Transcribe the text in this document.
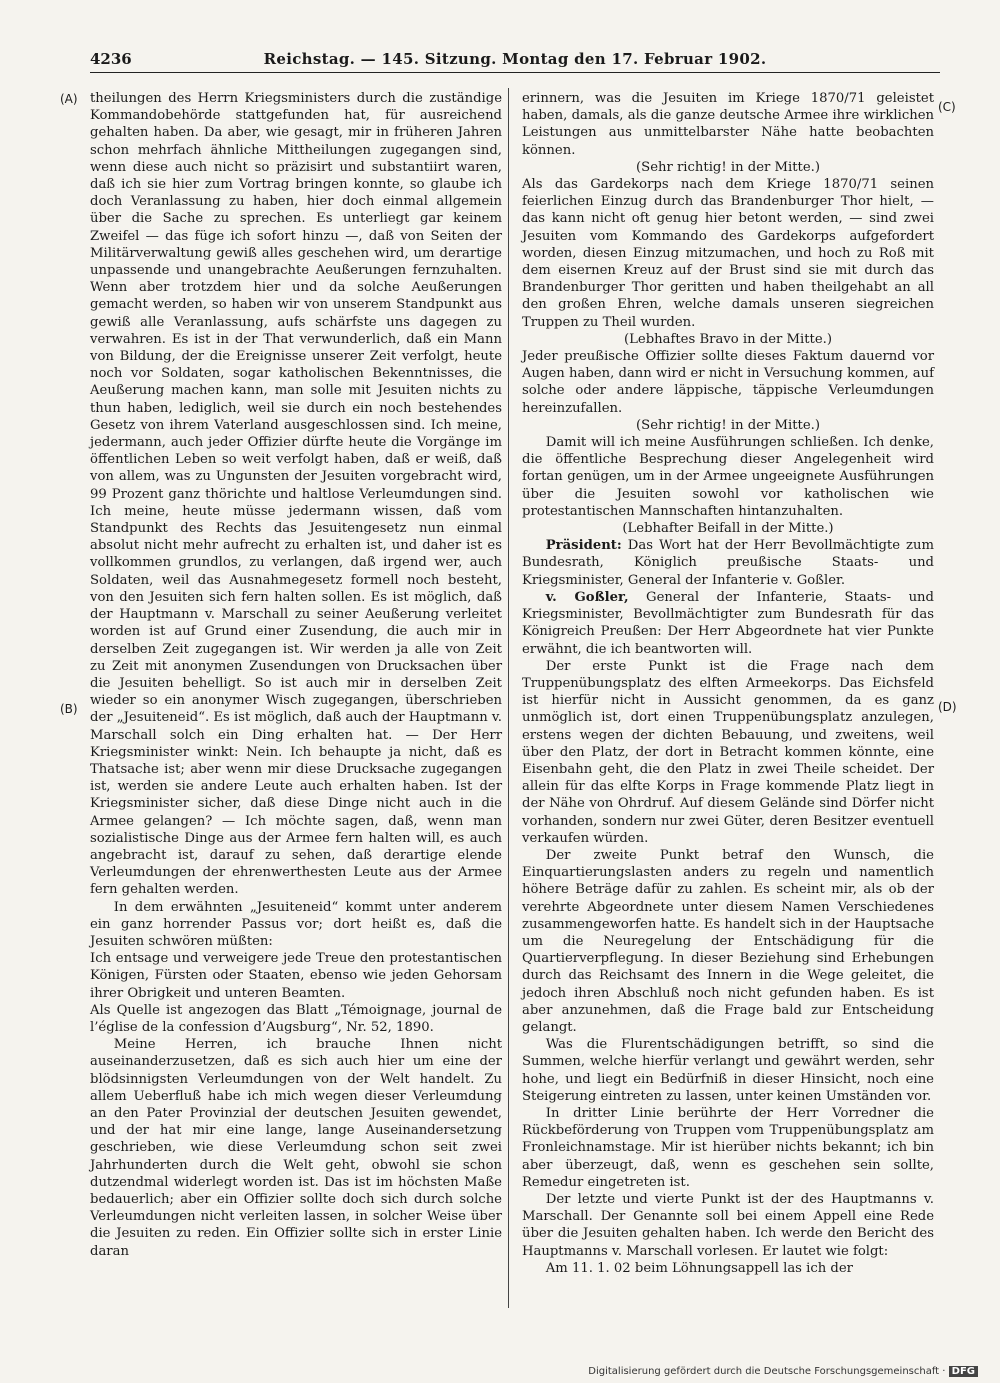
4236	Reichstag. — 145. Sitzung. Montag den 17. Februar 1902.
(A)
(B)
(C)
(D)

theilungen des Herrn Kriegsministers durch die zuständige Kommandobehörde stattgefunden hat, für ausreichend gehalten haben. Da aber, wie gesagt, mir in früheren Jahren schon mehrfach ähnliche Mittheilungen zugegangen sind, wenn diese auch nicht so präzisirt und substantiirt waren, daß ich sie hier zum Vortrag bringen konnte, so glaube ich doch Veranlassung zu haben, hier doch einmal allgemein über die Sache zu sprechen. Es unterliegt gar keinem Zweifel — das füge ich sofort hinzu —, daß von Seiten der Militärverwaltung gewiß alles geschehen wird, um derartige unpassende und unangebrachte Aeußerungen fernzuhalten. Wenn aber trotzdem hier und da solche Aeußerungen gemacht werden, so haben wir von unserem Standpunkt aus gewiß alle Veranlassung, aufs schärfste uns dagegen zu verwahren. Es ist in der That verwunderlich, daß ein Mann von Bildung, der die Ereignisse unserer Zeit verfolgt, heute noch vor Soldaten, sogar katholischen Bekenntnisses, die Aeußerung machen kann, man solle mit Jesuiten nichts zu thun haben, lediglich, weil sie durch ein noch bestehendes Gesetz von ihrem Vaterland ausgeschlossen sind. Ich meine, jedermann, auch jeder Offizier dürfte heute die Vorgänge im öffentlichen Leben so weit verfolgt haben, daß er weiß, daß von allem, was zu Ungunsten der Jesuiten vorgebracht wird, 99 Prozent ganz thörichte und haltlose Verleumdungen sind. Ich meine, heute müsse jedermann wissen, daß vom Standpunkt des Rechts das Jesuitengesetz nun einmal absolut nicht mehr aufrecht zu erhalten ist, und daher ist es vollkommen grundlos, zu verlangen, daß irgend wer, auch Soldaten, weil das Ausnahmegesetz formell noch besteht, von den Jesuiten sich fern halten sollen. Es ist möglich, daß der Hauptmann v. Marschall zu seiner Aeußerung verleitet worden ist auf Grund einer Zusendung, die auch mir in derselben Zeit zugegangen ist. Wir werden ja alle von Zeit zu Zeit mit anonymen Zusendungen von Drucksachen über die Jesuiten behelligt. So ist auch mir in derselben Zeit wieder so ein anonymer Wisch zugegangen, überschrieben der „Jesuiteneid“. Es ist möglich, daß auch der Hauptmann v. Marschall solch ein Ding erhalten hat. — Der Herr Kriegsminister winkt: Nein. Ich behaupte ja nicht, daß es Thatsache ist; aber wenn mir diese Drucksache zugegangen ist, werden sie andere Leute auch erhalten haben. Ist der Kriegsminister sicher, daß diese Dinge nicht auch in die Armee gelangen? — Ich möchte sagen, daß, wenn man sozialistische Dinge aus der Armee fern halten will, es auch angebracht ist, darauf zu sehen, daß derartige elende Verleumdungen der ehrenwerthesten Leute aus der Armee fern gehalten werden.

In dem erwähnten „Jesuiteneid“ kommt unter anderem ein ganz horrender Passus vor; dort heißt es, daß die Jesuiten schwören müßten:

Ich entsage und verweigere jede Treue den protestantischen Königen, Fürsten oder Staaten, ebenso wie jeden Gehorsam ihrer Obrigkeit und unteren Beamten.

Als Quelle ist angezogen das Blatt „Témoignage, journal de l’église de la confession d’Augsburg“, Nr. 52, 1890.

Meine Herren, ich brauche Ihnen nicht auseinanderzusetzen, daß es sich auch hier um eine der blödsinnigsten Verleumdungen von der Welt handelt. Zu allem Ueberfluß habe ich mich wegen dieser Verleumdung an den Pater Provinzial der deutschen Jesuiten gewendet, und der hat mir eine lange, lange Auseinandersetzung geschrieben, wie diese Verleumdung schon seit zwei Jahrhunderten durch die Welt geht, obwohl sie schon dutzendmal widerlegt worden ist. Das ist im höchsten Maße bedauerlich; aber ein Offizier sollte doch sich durch solche Verleumdungen nicht verleiten lassen, in solcher Weise über die Jesuiten zu reden. Ein Offizier sollte sich in erster Linie daran

erinnern, was die Jesuiten im Kriege 1870/71 geleistet haben, damals, als die ganze deutsche Armee ihre wirklichen Leistungen aus unmittelbarster Nähe hatte beobachten können.

(Sehr richtig! in der Mitte.)

Als das Gardekorps nach dem Kriege 1870/71 seinen feierlichen Einzug durch das Brandenburger Thor hielt, — das kann nicht oft genug hier betont werden, — sind zwei Jesuiten vom Kommando des Gardekorps aufgefordert worden, diesen Einzug mitzumachen, und hoch zu Roß mit dem eisernen Kreuz auf der Brust sind sie mit durch das Brandenburger Thor geritten und haben theilgehabt an all den großen Ehren, welche damals unseren siegreichen Truppen zu Theil wurden.

(Lebhaftes Bravo in der Mitte.)

Jeder preußische Offizier sollte dieses Faktum dauernd vor Augen haben, dann wird er nicht in Versuchung kommen, auf solche oder andere läppische, täppische Verleumdungen hereinzufallen.

(Sehr richtig! in der Mitte.)

Damit will ich meine Ausführungen schließen. Ich denke, die öffentliche Besprechung dieser Angelegenheit wird fortan genügen, um in der Armee ungeeignete Ausführungen über die Jesuiten sowohl vor katholischen wie protestantischen Mannschaften hintanzuhalten.

(Lebhafter Beifall in der Mitte.)

Präsident: Das Wort hat der Herr Bevollmächtigte zum Bundesrath, Königlich preußische Staats- und Kriegsminister, General der Infanterie v. Goßler.

v. Goßler, General der Infanterie, Staats- und Kriegsminister, Bevollmächtigter zum Bundesrath für das Königreich Preußen: Der Herr Abgeordnete hat vier Punkte erwähnt, die ich beantworten will.

Der erste Punkt ist die Frage nach dem Truppenübungsplatz des elften Armeekorps. Das Eichsfeld ist hierfür nicht in Aussicht genommen, da es ganz unmöglich ist, dort einen Truppenübungsplatz anzulegen, erstens wegen der dichten Bebauung, und zweitens, weil über den Platz, der dort in Betracht kommen könnte, eine Eisenbahn geht, die den Platz in zwei Theile scheidet. Der allein für das elfte Korps in Frage kommende Platz liegt in der Nähe von Ohrdruf. Auf diesem Gelände sind Dörfer nicht vorhanden, sondern nur zwei Güter, deren Besitzer eventuell verkaufen würden.

Der zweite Punkt betraf den Wunsch, die Einquartierungslasten anders zu regeln und namentlich höhere Beträge dafür zu zahlen. Es scheint mir, als ob der verehrte Abgeordnete unter diesem Namen Verschiedenes zusammengeworfen hatte. Es handelt sich in der Hauptsache um die Neuregelung der Entschädigung für die Quartierverpflegung. In dieser Beziehung sind Erhebungen durch das Reichsamt des Innern in die Wege geleitet, die jedoch ihren Abschluß noch nicht gefunden haben. Es ist aber anzunehmen, daß die Frage bald zur Entscheidung gelangt.

Was die Flurentschädigungen betrifft, so sind die Summen, welche hierfür verlangt und gewährt werden, sehr hohe, und liegt ein Bedürfniß in dieser Hinsicht, noch eine Steigerung eintreten zu lassen, unter keinen Umständen vor.

In dritter Linie berührte der Herr Vorredner die Rückbeförderung von Truppen vom Truppenübungsplatz am Fronleichnamstage. Mir ist hierüber nichts bekannt; ich bin aber überzeugt, daß, wenn es geschehen sein sollte, Remedur eingetreten ist.

Der letzte und vierte Punkt ist der des Hauptmanns v. Marschall. Der Genannte soll bei einem Appell eine Rede über die Jesuiten gehalten haben. Ich werde den Bericht des Hauptmanns v. Marschall vorlesen. Er lautet wie folgt:

Am 11. 1. 02 beim Löhnungsappell las ich der

Digitalisierung gefördert durch die Deutsche Forschungsgemeinschaft · DFG
